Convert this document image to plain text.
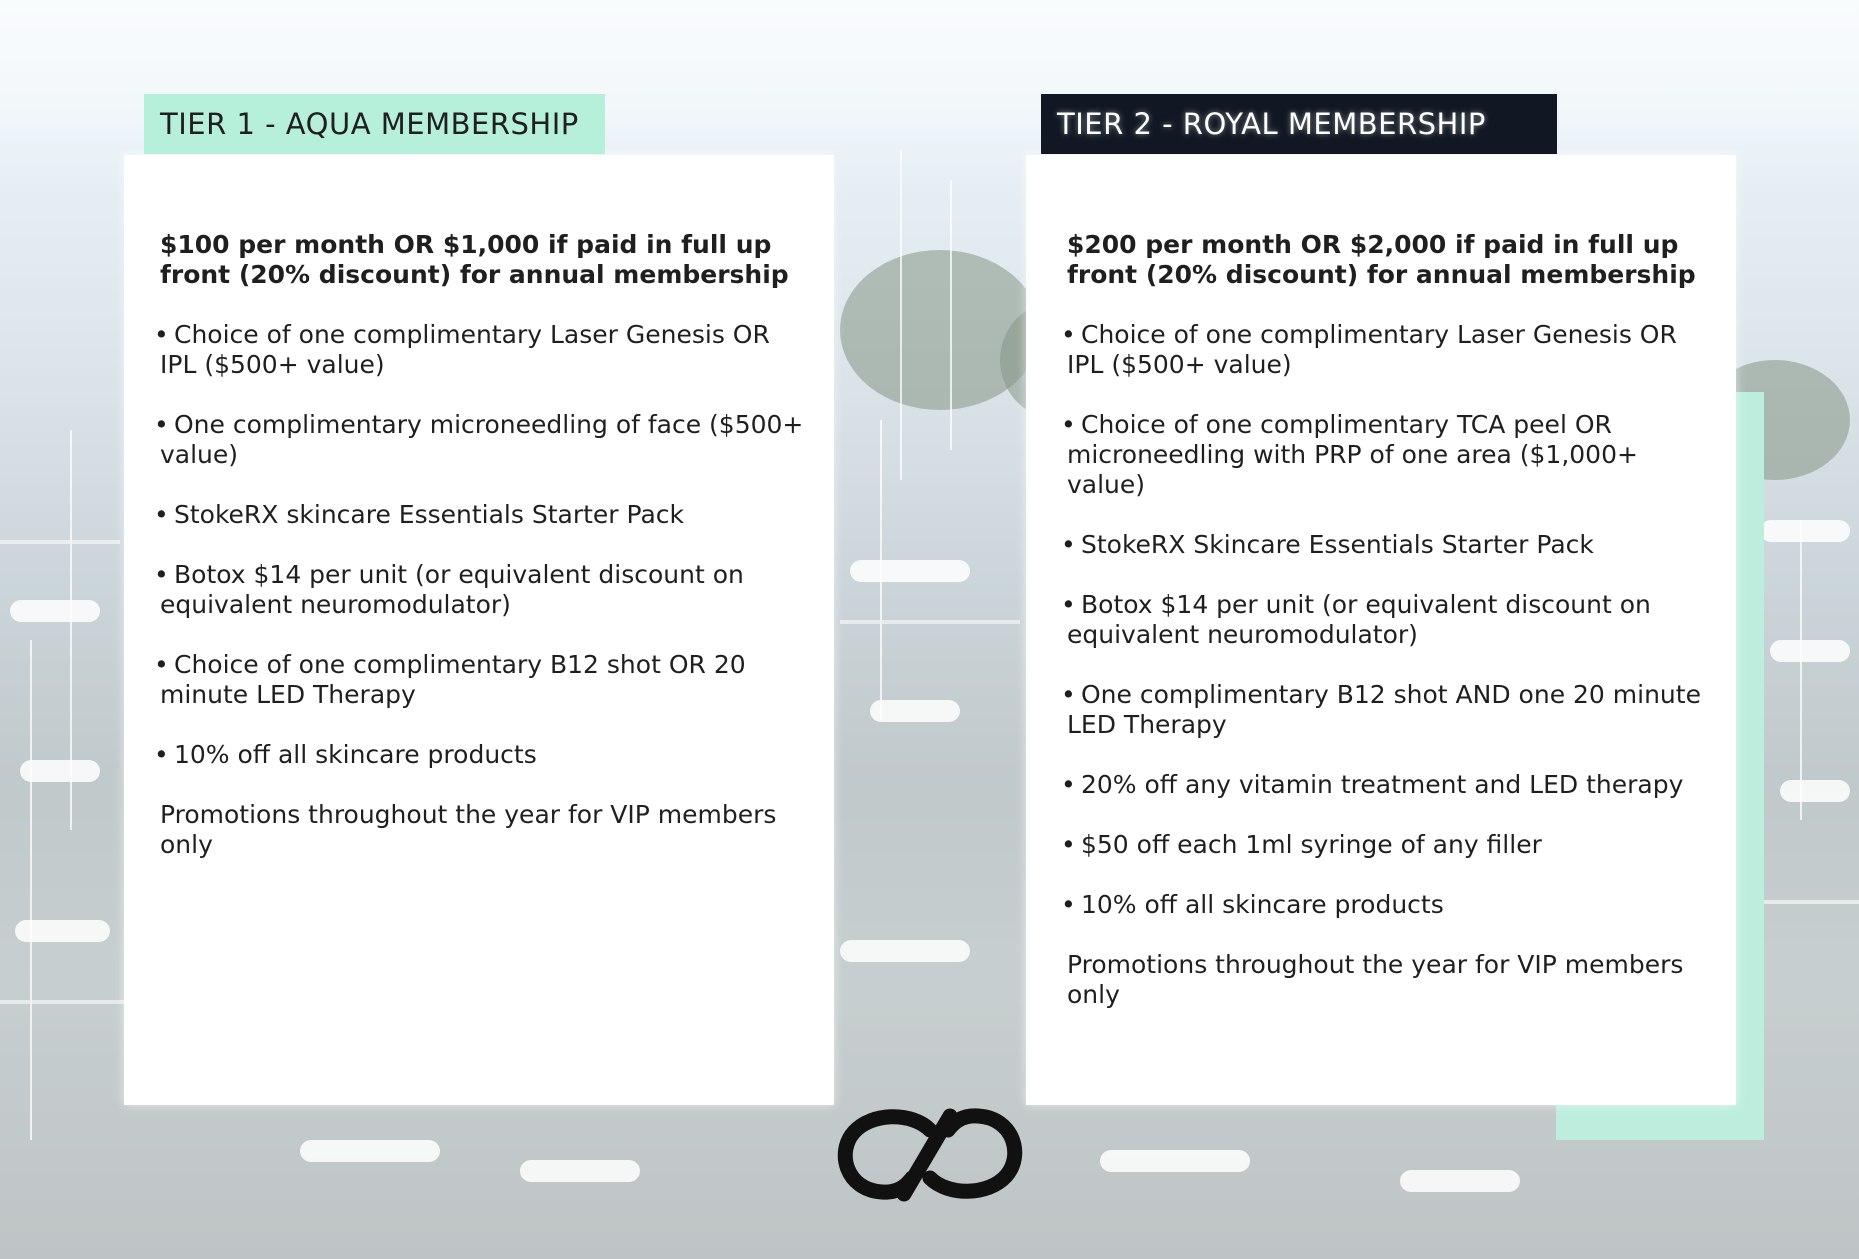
TIER 1 - AQUA MEMBERSHIP	TIER 2 - ROYAL MEMBERSHIP

$100 per month OR $1,000 if paid in full up front (20% discount) for annual membership

• Choice of one complimentary Laser Genesis OR IPL ($500+ value)
• One complimentary microneedling of face ($500+ value)
• StokeRX skincare Essentials Starter Pack
• Botox $14 per unit (or equivalent discount on equivalent neuromodulator)
• Choice of one complimentary B12 shot OR 20 minute LED Therapy
• 10% off all skincare products

Promotions throughout the year for VIP members only

$200 per month OR $2,000 if paid in full up front (20% discount) for annual membership

• Choice of one complimentary Laser Genesis OR IPL ($500+ value)
• Choice of one complimentary TCA peel OR microneedling with PRP of one area ($1,000+ value)
• StokeRX Skincare Essentials Starter Pack
• Botox $14 per unit (or equivalent discount on equivalent neuromodulator)
• One complimentary B12 shot AND one 20 minute LED Therapy
• 20% off any vitamin treatment and LED therapy
• $50 off each 1ml syringe of any filler
• 10% off all skincare products

Promotions throughout the year for VIP members only
